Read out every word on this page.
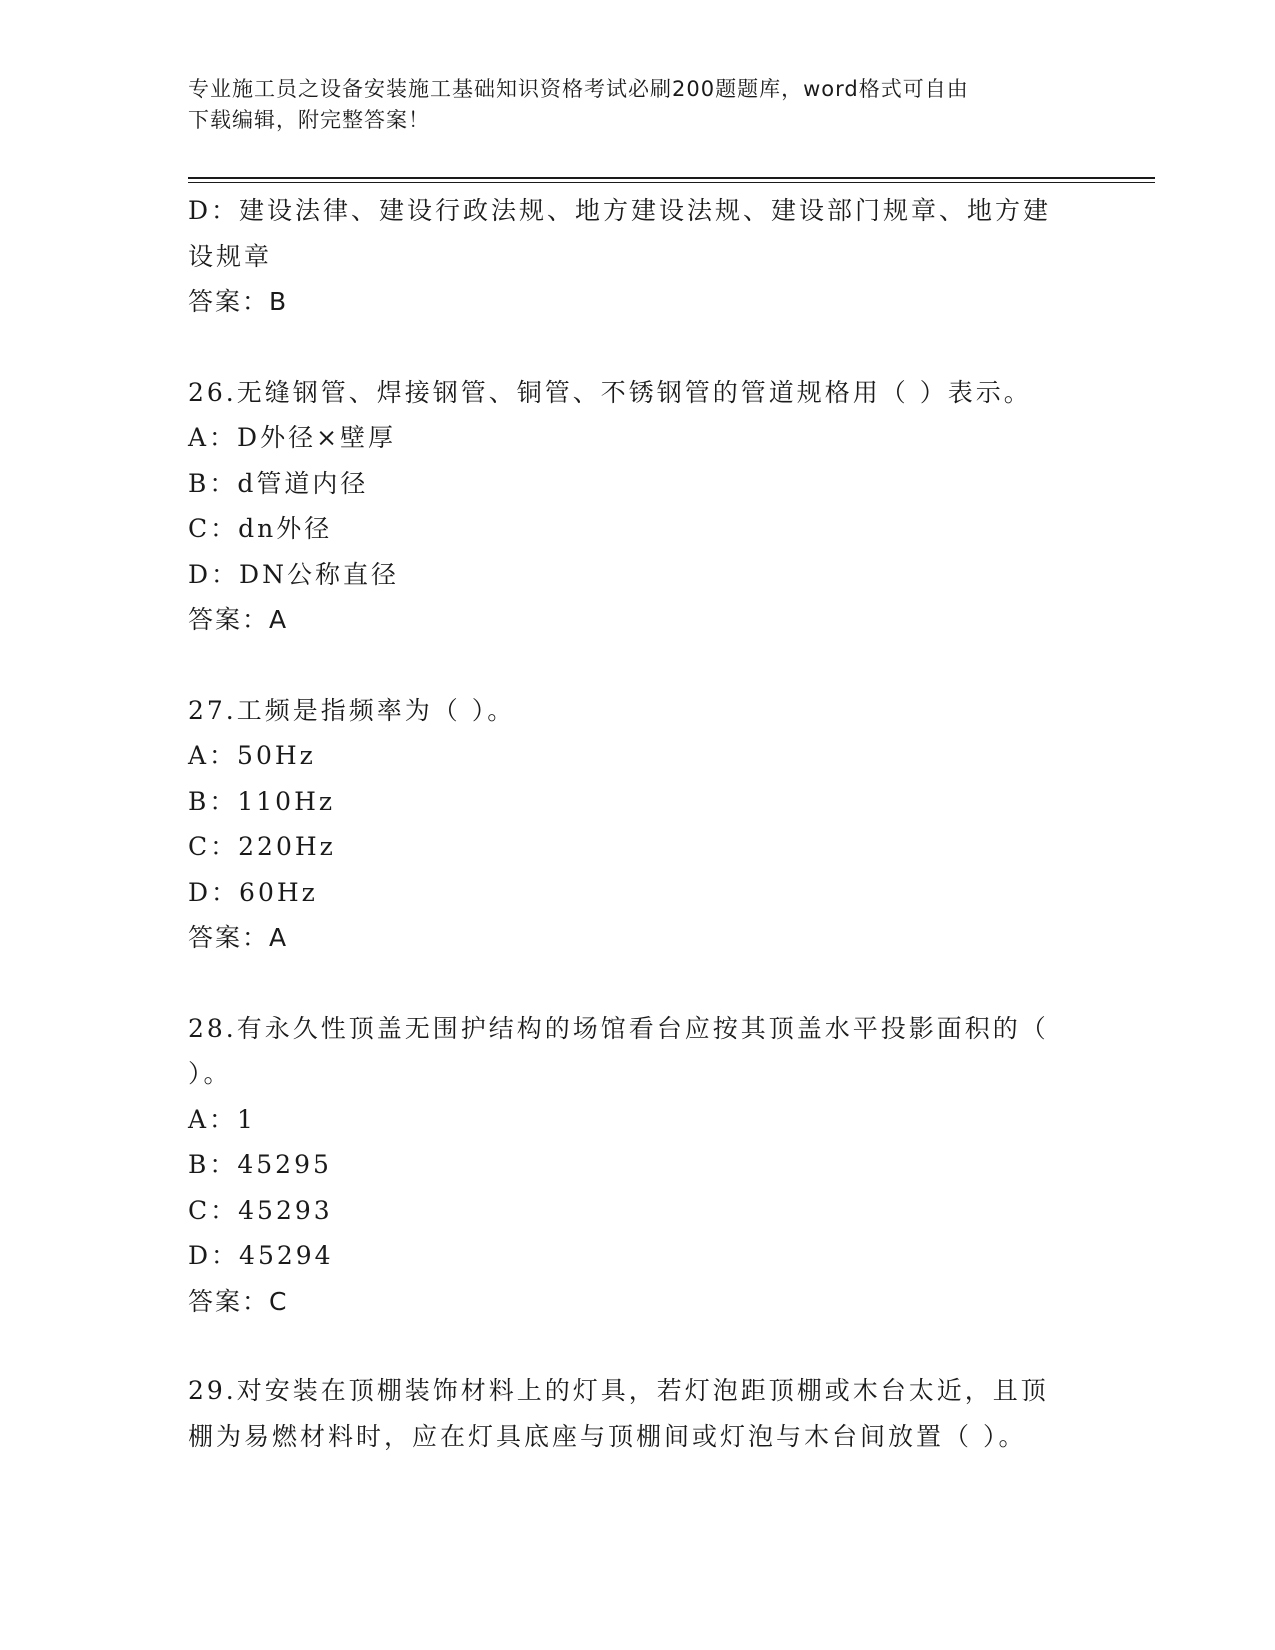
专业施工员之设备安装施工基础知识资格考试必刷200题题库，word格式可自由
下载编辑，附完整答案！

D：建设法律、建设行政法规、地方建设法规、建设部门规章、地方建

设规章

答案：B

26.无缝钢管、焊接钢管、铜管、不锈钢管的管道规格用（ ）表示。

A：D外径×壁厚

B：d管道内径

C：dn外径

D：DN公称直径

答案：A

27.工频是指频率为（ ）。

A：50Hz

B：110Hz

C：220Hz

D：60Hz

答案：A

28.有永久性顶盖无围护结构的场馆看台应按其顶盖水平投影面积的（

）。

A：1

B：45295

C：45293

D：45294

答案：C

29.对安装在顶棚装饰材料上的灯具，若灯泡距顶棚或木台太近，且顶

棚为易燃材料时，应在灯具底座与顶棚间或灯泡与木台间放置（ ）。
